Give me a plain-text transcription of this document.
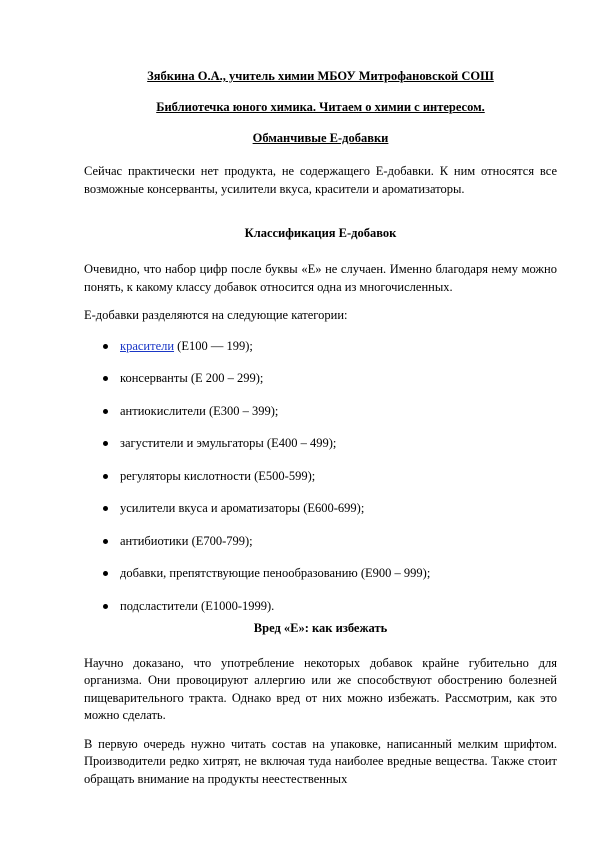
Зябкина О.А., учитель химии МБОУ Митрофановской СОШ

Библиотечка юного химика. Читаем о химии с интересом.

Обманчивые Е-добавки

Сейчас практически нет продукта, не содержащего Е-добавки. К ним относятся все возможные консерванты, усилители вкуса, красители и ароматизаторы.

Классификация Е-добавок

Очевидно, что набор цифр после буквы «Е» не случаен. Именно благодаря нему можно понять, к какому классу добавок относится одна из многочисленных.

Е-добавки разделяются на следующие категории:

красители (E100 — 199);
консерванты (E 200 – 299);
антиокислители (E300 – 399);
загустители и эмульгаторы (E400 – 499);
регуляторы кислотности (E500-599);
усилители вкуса и ароматизаторы (E600-699);
антибиотики (E700-799);
добавки, препятствующие пенообразованию (E900 – 999);
подсластители (E1000-1999).
Вред «Е»: как избежать

Научно доказано, что употребление некоторых добавок крайне губительно для организма. Они провоцируют аллергию или же способствуют обострению болезней пищеварительного тракта. Однако вред от них можно избежать. Рассмотрим, как это можно сделать.

В первую очередь нужно читать состав на упаковке, написанный мелким шрифтом. Производители редко хитрят, не включая туда наиболее вредные вещества. Также стоит обращать внимание на продукты неестественных
